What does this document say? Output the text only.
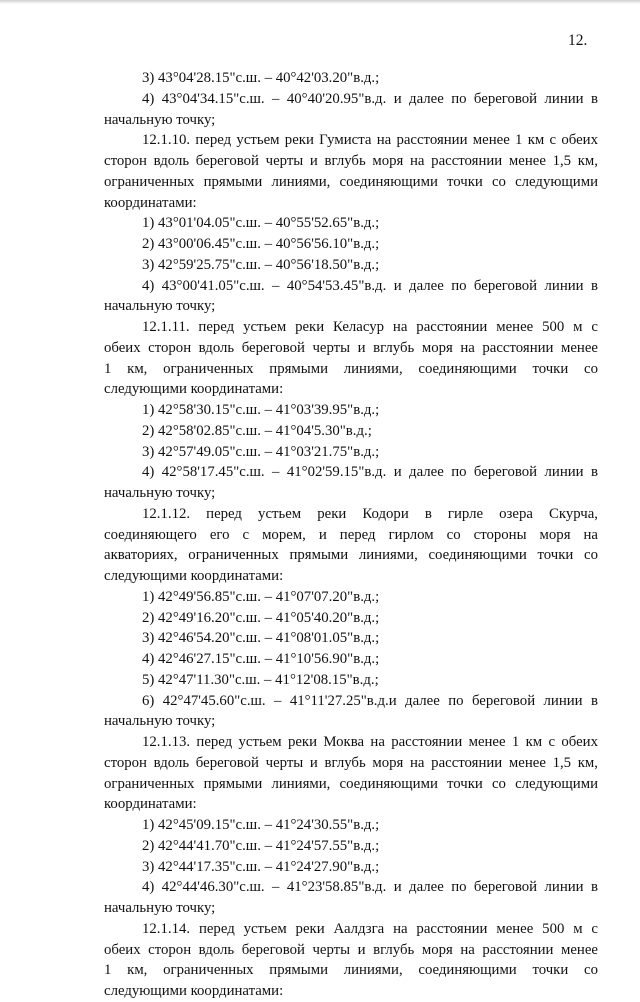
12.
3) 43°04'28.15"с.ш. – 40°42'03.20"в.д.;
4) 43°04'34.15"с.ш. – 40°40'20.95"в.д. и далее по береговой линии в
начальную точку;
12.1.10. перед устьем реки Гумиста на расстоянии менее 1 км с обеих
сторон вдоль береговой черты и вглубь моря на расстоянии менее 1,5 км,
ограниченных прямыми линиями, соединяющими точки со следующими
координатами:
1) 43°01'04.05"с.ш. – 40°55'52.65"в.д.;
2) 43°00'06.45"с.ш. – 40°56'56.10"в.д.;
3) 42°59'25.75"с.ш. – 40°56'18.50"в.д.;
4) 43°00'41.05"с.ш. – 40°54'53.45"в.д. и далее по береговой линии в
начальную точку;
12.1.11. перед устьем реки Келасур на расстоянии менее 500 м с
обеих сторон вдоль береговой черты и вглубь моря на расстоянии менее
1 км, ограниченных прямыми линиями, соединяющими точки со
следующими координатами:
1) 42°58'30.15"с.ш. – 41°03'39.95"в.д.;
2) 42°58'02.85"с.ш. – 41°04'5.30"в.д.;
3) 42°57'49.05"с.ш. – 41°03'21.75"в.д.;
4) 42°58'17.45"с.ш. – 41°02'59.15"в.д. и далее по береговой линии в
начальную точку;
12.1.12. перед устьем реки Кодори в гирле озера Скурча,
соединяющего его с морем, и перед гирлом со стороны моря на
акваториях, ограниченных прямыми линиями, соединяющими точки со
следующими координатами:
1) 42°49'56.85"с.ш. – 41°07'07.20"в.д.;
2) 42°49'16.20"с.ш. – 41°05'40.20"в.д.;
3) 42°46'54.20"с.ш. – 41°08'01.05"в.д.;
4) 42°46'27.15"с.ш. – 41°10'56.90"в.д.;
5) 42°47'11.30"с.ш. – 41°12'08.15"в.д.;
6) 42°47'45.60"с.ш. – 41°11'27.25"в.д.и далее по береговой линии в
начальную точку;
12.1.13. перед устьем реки Моква на расстоянии менее 1 км с обеих
сторон вдоль береговой черты и вглубь моря на расстоянии менее 1,5 км,
ограниченных прямыми линиями, соединяющими точки со следующими
координатами:
1) 42°45'09.15"с.ш. – 41°24'30.55"в.д.;
2) 42°44'41.70"с.ш. – 41°24'57.55"в.д.;
3) 42°44'17.35"с.ш. – 41°24'27.90"в.д.;
4) 42°44'46.30"с.ш. – 41°23'58.85"в.д. и далее по береговой линии в
начальную точку;
12.1.14. перед устьем реки Аалдзга на расстоянии менее 500 м с
обеих сторон вдоль береговой черты и вглубь моря на расстоянии менее
1 км, ограниченных прямыми линиями, соединяющими точки со
следующими координатами:
